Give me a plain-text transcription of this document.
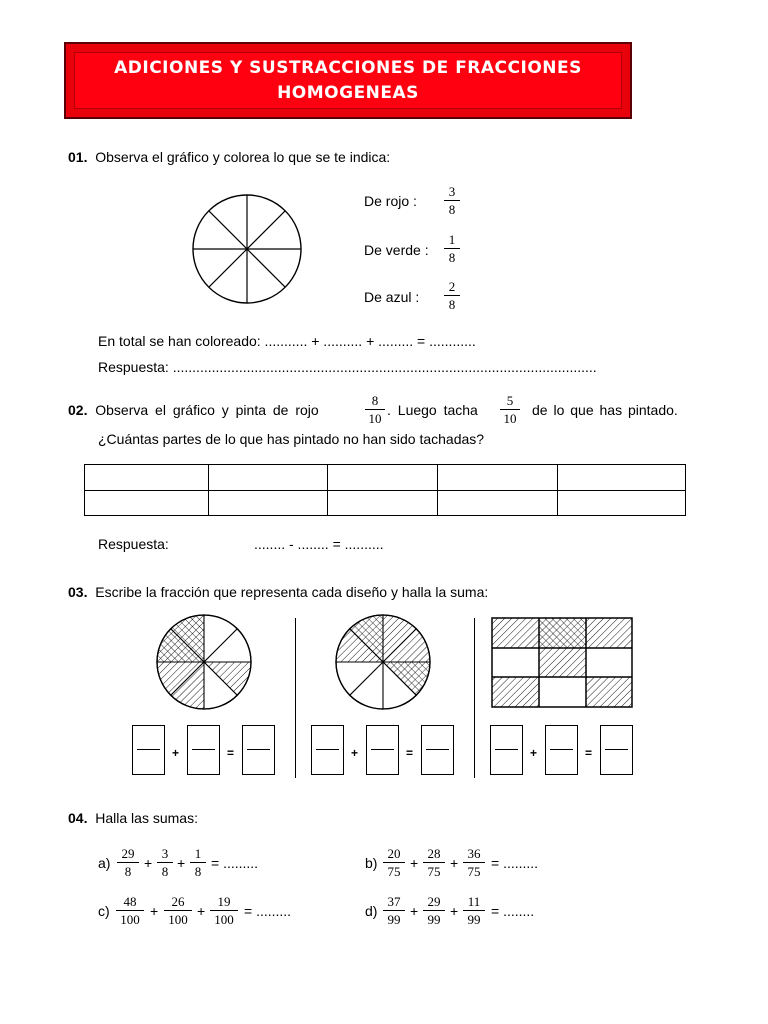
ADICIONES Y SUSTRACCIONES DE FRACCIONES
HOMOGENEAS
01. Observa el gráfico y colorea lo que se te indica:
De rojo :
3
8
De verde :
1
8
De azul :
2
8
En total se han coloreado: ........... + .......... + ......... = ............
Respuesta: .............................................................................................................
02. Observa el gráfico y pinta de rojo
8
10
. Luego tacha
5
10
de lo que has pintado.
¿Cuántas partes de lo que has pintado no han sido tachadas?

Respuesta:	........ - ........ = ..........
03. Escribe la fracción que representa cada diseño y halla la suma:
+	=	+	=	+	=
04. Halla las sumas:
a)
29
8
+
3
8
+
1
8
= .........	b)
20
75
+
28
75
+
36
75
= .........
c)
48
100
+
26
100
+
19
100
= .........	d)
37
99
+
29
99
+
11
99
= ........
